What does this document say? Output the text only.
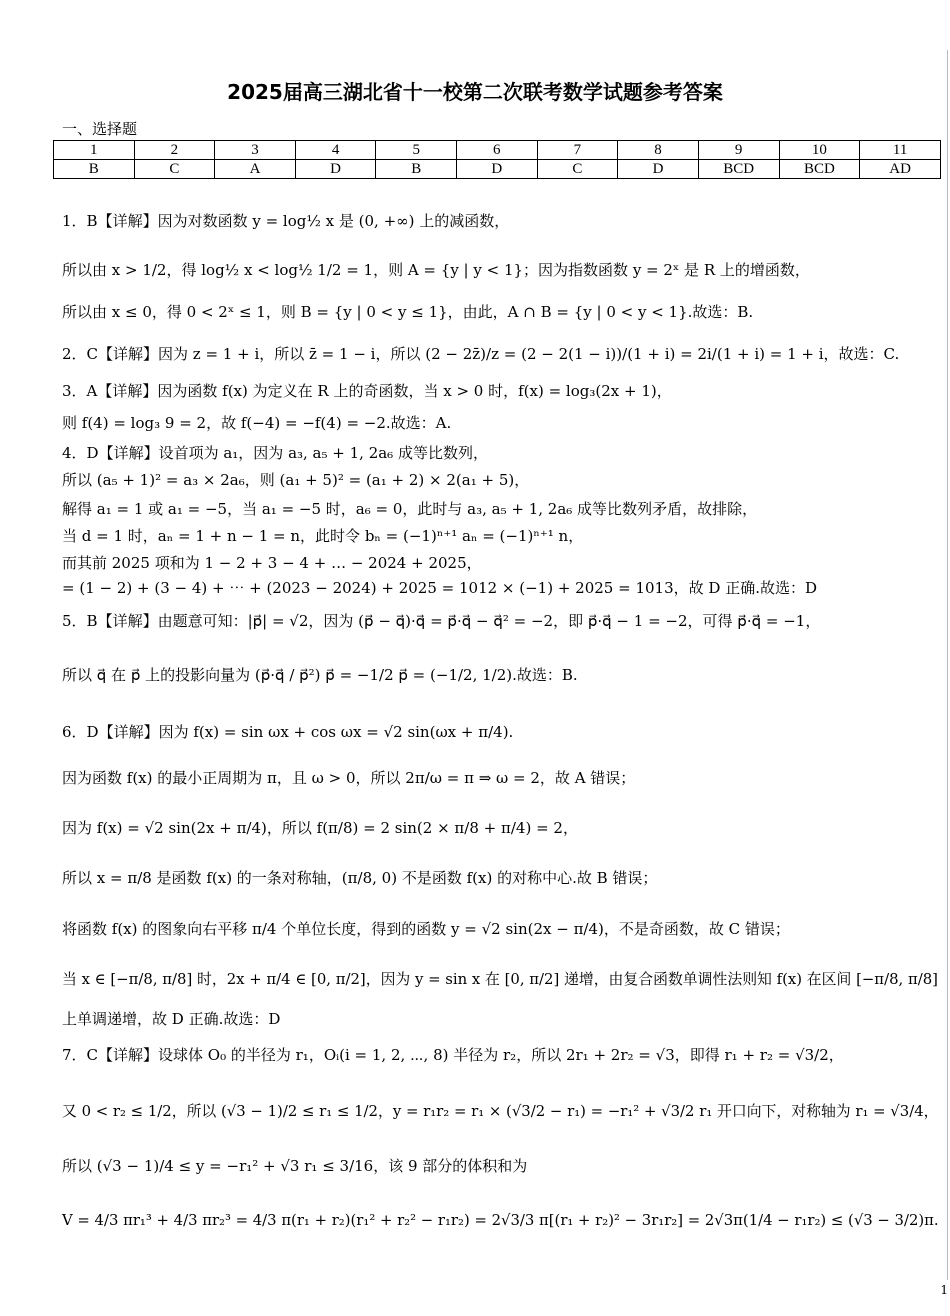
2025届高三湖北省十一校第二次联考数学试题参考答案
一、选择题
1	2	3	4	5	6	7	8	9	10	11
B	C	A	D	B	D	C	D	BCD	BCD	AD
1．B【详解】因为对数函数 y = log½ x 是 (0, +∞) 上的减函数，
所以由 x > 1/2，得 log½ x < log½ 1/2 = 1，则 A = {y | y < 1}；因为指数函数 y = 2ˣ 是 R 上的增函数，
所以由 x ≤ 0，得 0 < 2ˣ ≤ 1，则 B = {y | 0 < y ≤ 1}，由此，A ∩ B = {y | 0 < y < 1}.故选：B.
2．C【详解】因为 z = 1 + i，所以 z̄ = 1 − i，所以 (2 − 2z̄)/z = (2 − 2(1 − i))/(1 + i) = 2i/(1 + i) = 1 + i，故选：C.
3．A【详解】因为函数 f(x) 为定义在 R 上的奇函数，当 x > 0 时，f(x) = log₃(2x + 1)，
则 f(4) = log₃ 9 = 2，故 f(−4) = −f(4) = −2.故选：A.
4．D【详解】设首项为 a₁，因为 a₃, a₅ + 1, 2a₆ 成等比数列，
所以 (a₅ + 1)² = a₃ × 2a₆，则 (a₁ + 5)² = (a₁ + 2) × 2(a₁ + 5)，
解得 a₁ = 1 或 a₁ = −5，当 a₁ = −5 时，a₆ = 0，此时与 a₃, a₅ + 1, 2a₆ 成等比数列矛盾，故排除，
当 d = 1 时，aₙ = 1 + n − 1 = n，此时令 bₙ = (−1)ⁿ⁺¹ aₙ = (−1)ⁿ⁺¹ n，
而其前 2025 项和为 1 − 2 + 3 − 4 + … − 2024 + 2025，
= (1 − 2) + (3 − 4) + ⋯ + (2023 − 2024) + 2025 = 1012 × (−1) + 2025 = 1013，故 D 正确.故选：D
5．B【详解】由题意可知：|p⃗| = √2，因为 (p⃗ − q⃗)·q⃗ = p⃗·q⃗ − q⃗² = −2，即 p⃗·q⃗ − 1 = −2，可得 p⃗·q⃗ = −1，
所以 q⃗ 在 p⃗ 上的投影向量为 (p⃗·q⃗ / p⃗²) p⃗ = −1/2 p⃗ = (−1/2, 1/2).故选：B.
6．D【详解】因为 f(x) = sin ωx + cos ωx = √2 sin(ωx + π/4).
因为函数 f(x) 的最小正周期为 π，且 ω > 0，所以 2π/ω = π ⇒ ω = 2，故 A 错误；
因为 f(x) = √2 sin(2x + π/4)，所以 f(π/8) = 2 sin(2 × π/8 + π/4) = 2，
所以 x = π/8 是函数 f(x) 的一条对称轴，(π/8, 0) 不是函数 f(x) 的对称中心.故 B 错误；
将函数 f(x) 的图象向右平移 π/4 个单位长度，得到的函数 y = √2 sin(2x − π/4)，不是奇函数，故 C 错误；
当 x ∈ [−π/8, π/8] 时，2x + π/4 ∈ [0, π/2]，因为 y = sin x 在 [0, π/2] 递增，由复合函数单调性法则知 f(x) 在区间 [−π/8, π/8]
上单调递增，故 D 正确.故选：D
7．C【详解】设球体 O₀ 的半径为 r₁，Oᵢ(i = 1, 2, ⋯, 8) 半径为 r₂，所以 2r₁ + 2r₂ = √3，即得 r₁ + r₂ = √3/2，
又 0 < r₂ ≤ 1/2，所以 (√3 − 1)/2 ≤ r₁ ≤ 1/2，y = r₁r₂ = r₁ × (√3/2 − r₁) = −r₁² + √3/2 r₁ 开口向下，对称轴为 r₁ = √3/4，
所以 (√3 − 1)/4 ≤ y = −r₁² + √3 r₁ ≤ 3/16，该 9 部分的体积和为
V = 4/3 πr₁³ + 4/3 πr₂³ = 4/3 π(r₁ + r₂)(r₁² + r₂² − r₁r₂) = 2√3/3 π[(r₁ + r₂)² − 3r₁r₂] = 2√3π(1/4 − r₁r₂) ≤ (√3 − 3/2)π.
1
